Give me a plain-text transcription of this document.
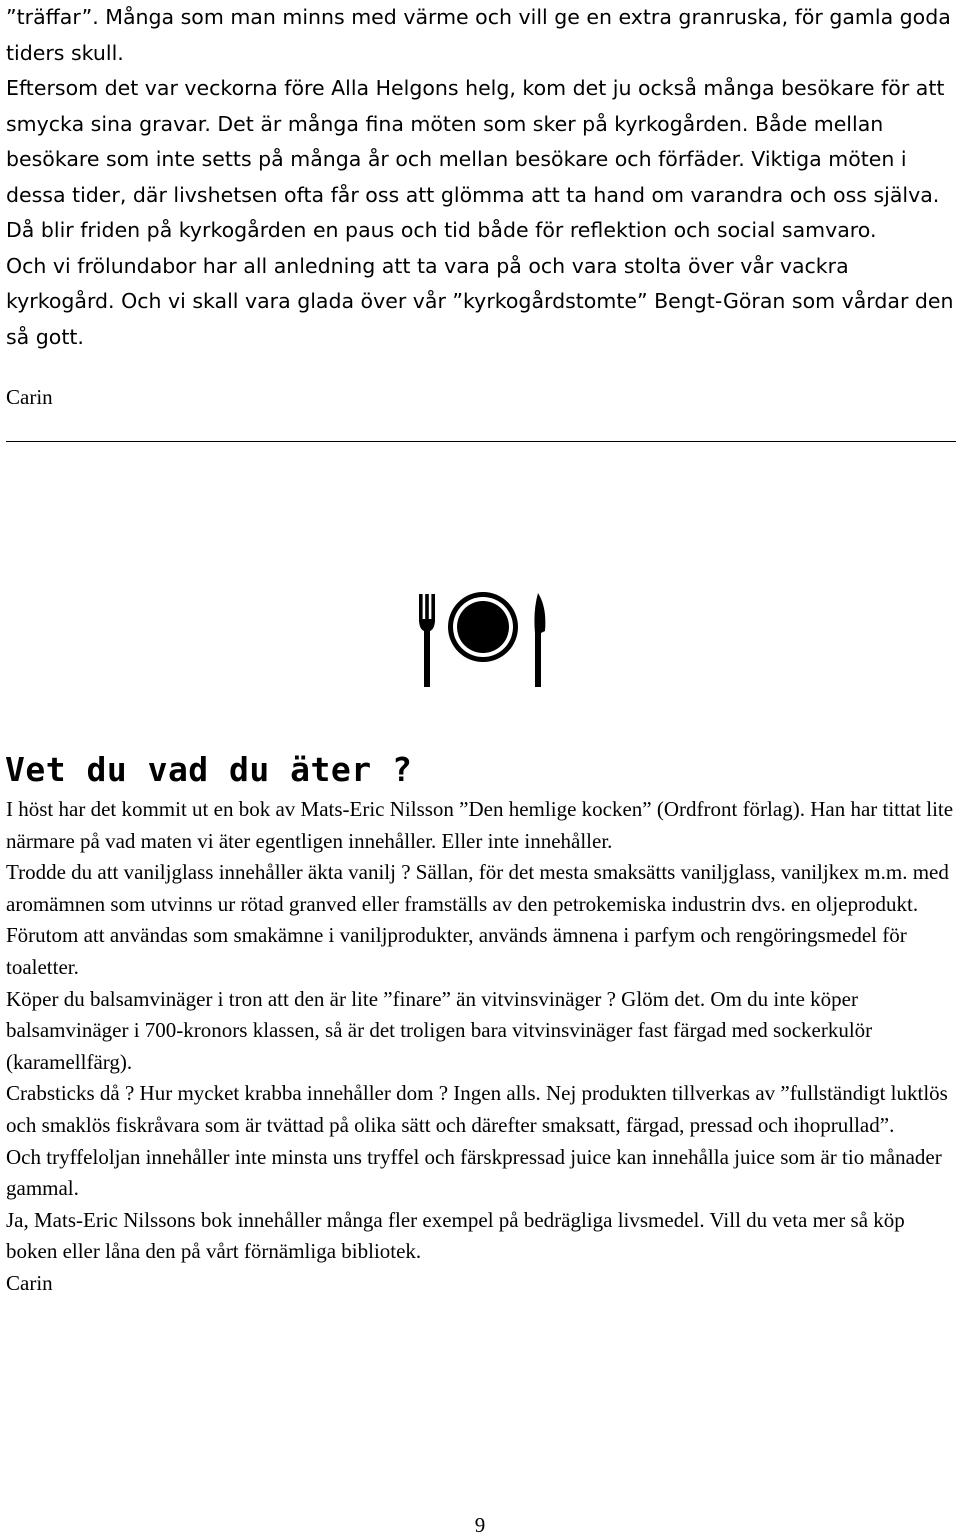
”träffar”. Många som man minns med värme och vill ge en extra granruska, för gamla goda tiders skull.

Eftersom det var veckorna före Alla Helgons helg, kom det ju också många besökare för att smycka sina gravar. Det är många fina möten som sker på kyrkogården. Både mellan besökare som inte setts på många år och mellan besökare och förfäder. Viktiga möten i dessa tider, där livshetsen ofta får oss att glömma att ta hand om varandra och oss själva. Då blir friden på kyrkogården en paus och tid både för reflektion och social samvaro.

Och vi frölundabor har all anledning att ta vara på och vara stolta över vår vackra kyrkogård. Och vi skall vara glada över vår ”kyrkogårdstomte” Bengt-Göran som vårdar den så gott.

Carin
Vet du vad du äter ?

I höst har det kommit ut en bok av Mats-Eric Nilsson ”Den hemlige kocken” (Ordfront förlag). Han har tittat lite närmare på vad maten vi äter egentligen innehåller. Eller inte innehåller.

Trodde du att vaniljglass innehåller äkta vanilj ? Sällan, för det mesta smaksätts vaniljglass, vaniljkex m.m. med aromämnen som utvinns ur rötad granved eller framställs av den petrokemiska industrin dvs. en oljeprodukt. Förutom att användas som smakämne i vaniljprodukter, används ämnena i parfym och rengöringsmedel för toaletter.

Köper du balsamvinäger i tron att den är lite ”finare” än vitvinsvinäger ? Glöm det. Om du inte köper balsamvinäger i 700-kronors klassen, så är det troligen bara vitvinsvinäger fast färgad med sockerkulör (karamellfärg).

Crabsticks då ? Hur mycket krabba innehåller dom ? Ingen alls. Nej produkten tillverkas av ”fullständigt luktlös och smaklös fiskråvara som är tvättad på olika sätt och därefter smaksatt, färgad, pressad och ihoprullad”.

Och tryffeloljan innehåller inte minsta uns tryffel och färskpressad juice kan innehålla juice som är tio månader gammal.

Ja, Mats-Eric Nilssons bok innehåller många fler exempel på bedrägliga livsmedel. Vill du veta mer så köp boken eller låna den på vårt förnämliga bibliotek.

Carin

9
